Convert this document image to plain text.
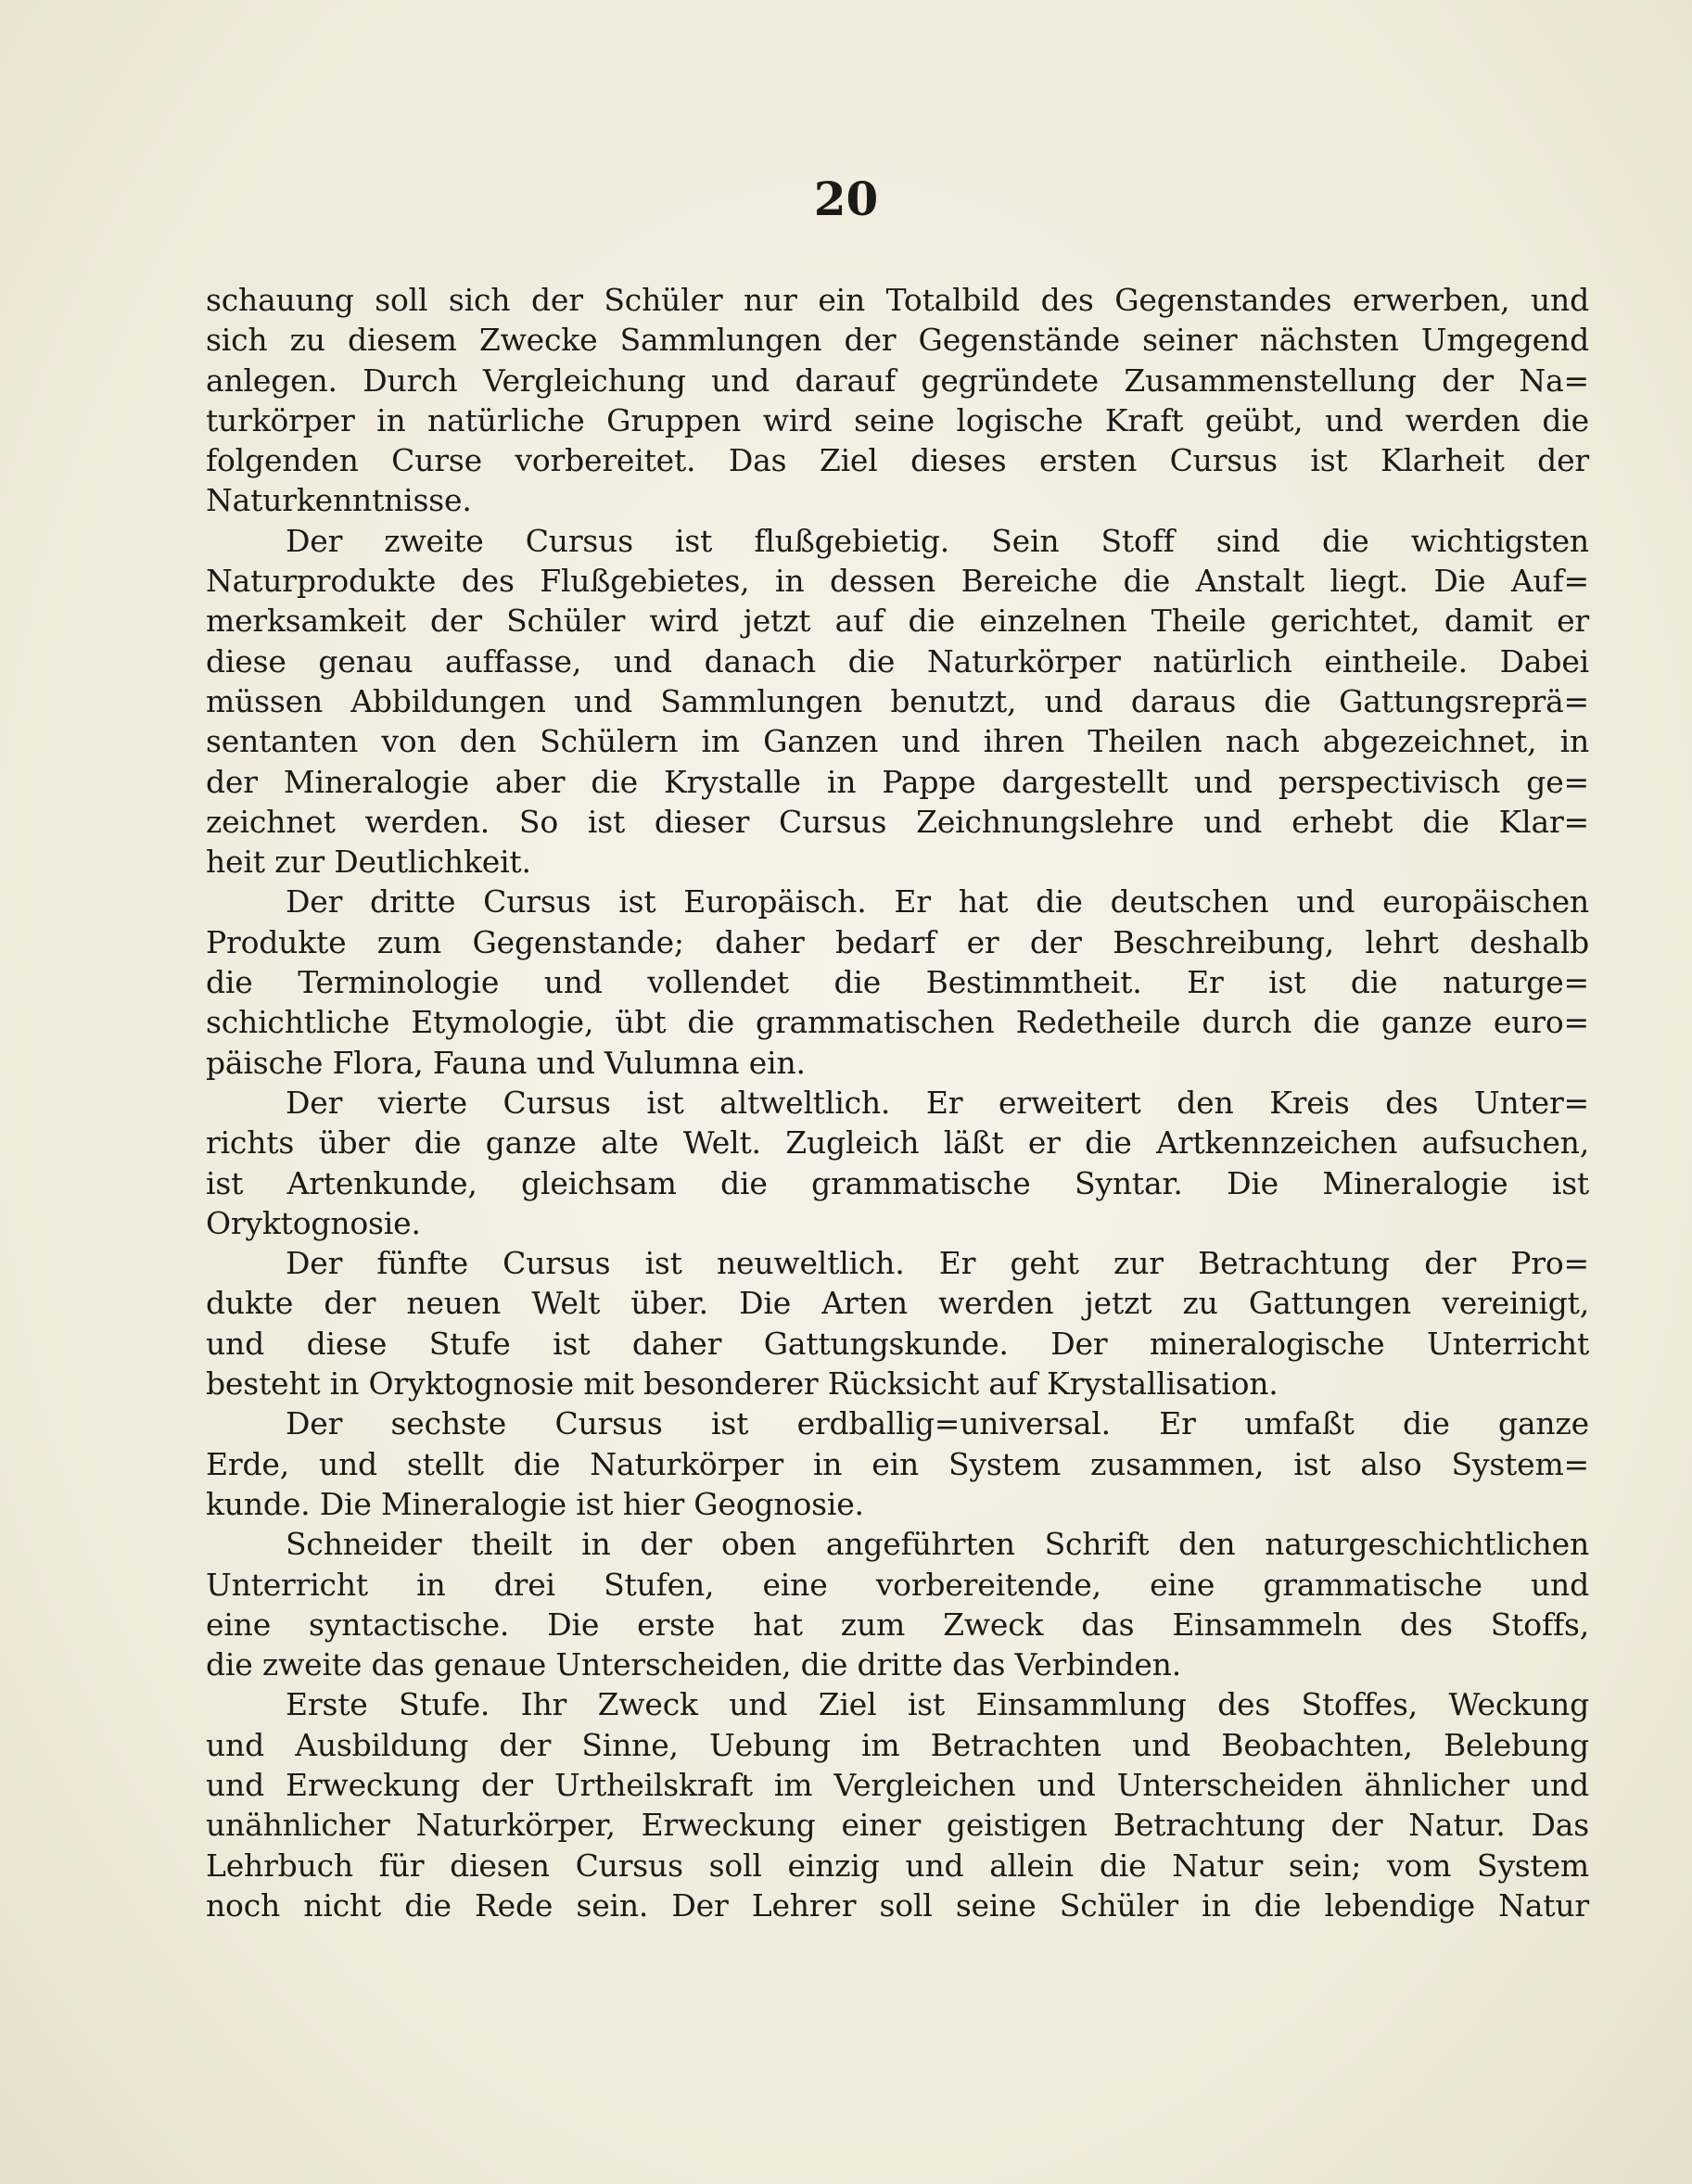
20
schauung soll sich der Schüler nur ein Totalbild des Gegenstandes erwerben, und
sich zu diesem Zwecke Sammlungen der Gegenstände seiner nächsten Umgegend
anlegen. Durch Vergleichung und darauf gegründete Zusammenstellung der Na=
turkörper in natürliche Gruppen wird seine logische Kraft geübt, und werden die
folgenden Curse vorbereitet. Das Ziel dieses ersten Cursus ist Klarheit der
Naturkenntnisse.
Der zweite Cursus ist flußgebietig. Sein Stoff sind die wichtigsten
Naturprodukte des Flußgebietes, in dessen Bereiche die Anstalt liegt. Die Auf=
merksamkeit der Schüler wird jetzt auf die einzelnen Theile gerichtet, damit er
diese genau auffasse, und danach die Naturkörper natürlich eintheile. Dabei
müssen Abbildungen und Sammlungen benutzt, und daraus die Gattungsreprä=
sentanten von den Schülern im Ganzen und ihren Theilen nach abgezeichnet, in
der Mineralogie aber die Krystalle in Pappe dargestellt und perspectivisch ge=
zeichnet werden. So ist dieser Cursus Zeichnungslehre und erhebt die Klar=
heit zur Deutlichkeit.
Der dritte Cursus ist Europäisch. Er hat die deutschen und europäischen
Produkte zum Gegenstande; daher bedarf er der Beschreibung, lehrt deshalb
die Terminologie und vollendet die Bestimmtheit. Er ist die naturge=
schichtliche Etymologie, übt die grammatischen Redetheile durch die ganze euro=
päische Flora, Fauna und Vulumna ein.
Der vierte Cursus ist altweltlich. Er erweitert den Kreis des Unter=
richts über die ganze alte Welt. Zugleich läßt er die Artkennzeichen aufsuchen,
ist Artenkunde, gleichsam die grammatische Syntar. Die Mineralogie ist
Oryktognosie.
Der fünfte Cursus ist neuweltlich. Er geht zur Betrachtung der Pro=
dukte der neuen Welt über. Die Arten werden jetzt zu Gattungen vereinigt,
und diese Stufe ist daher Gattungskunde. Der mineralogische Unterricht
besteht in Oryktognosie mit besonderer Rücksicht auf Krystallisation.
Der sechste Cursus ist erdballig=universal. Er umfaßt die ganze
Erde, und stellt die Naturkörper in ein System zusammen, ist also System=
kunde. Die Mineralogie ist hier Geognosie.
Schneider theilt in der oben angeführten Schrift den naturgeschichtlichen
Unterricht in drei Stufen, eine vorbereitende, eine grammatische und
eine syntactische. Die erste hat zum Zweck das Einsammeln des Stoffs,
die zweite das genaue Unterscheiden, die dritte das Verbinden.
Erste Stufe. Ihr Zweck und Ziel ist Einsammlung des Stoffes, Weckung
und Ausbildung der Sinne, Uebung im Betrachten und Beobachten, Belebung
und Erweckung der Urtheilskraft im Vergleichen und Unterscheiden ähnlicher und
unähnlicher Naturkörper, Erweckung einer geistigen Betrachtung der Natur. Das
Lehrbuch für diesen Cursus soll einzig und allein die Natur sein; vom System
noch nicht die Rede sein. Der Lehrer soll seine Schüler in die lebendige Natur
